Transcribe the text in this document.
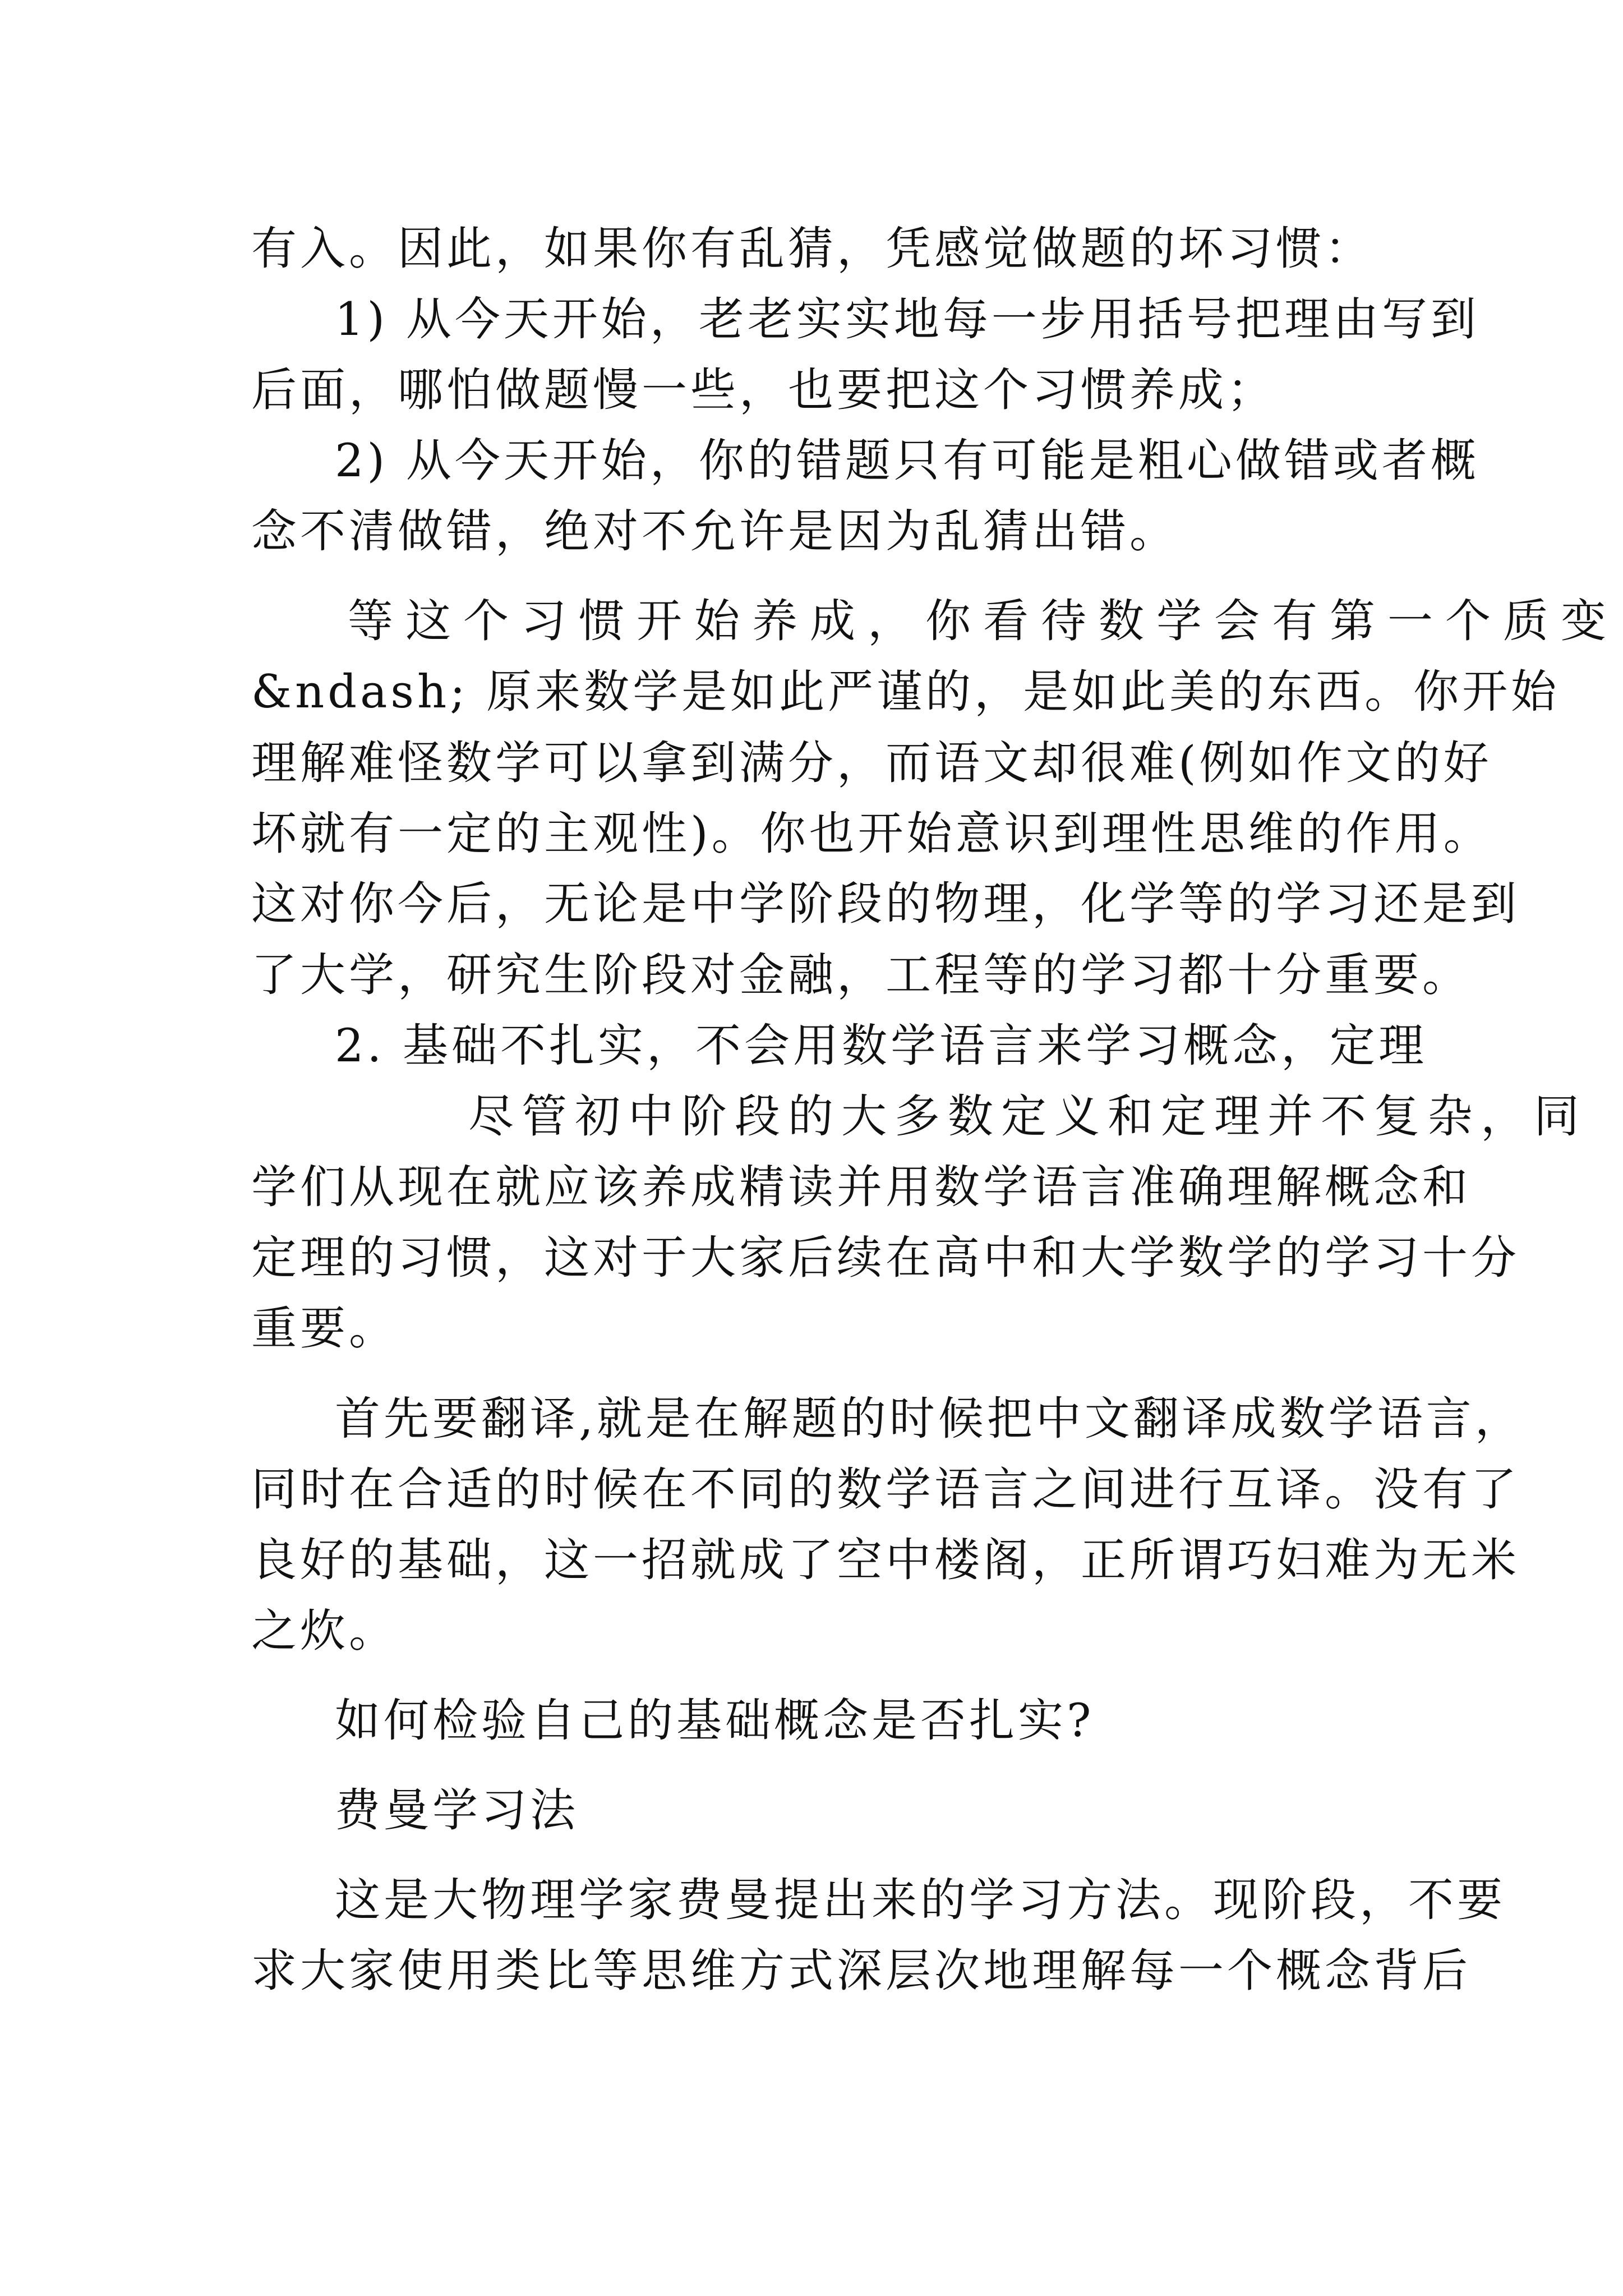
有入。因此，如果你有乱猜，凭感觉做题的坏习惯：
1) 从今天开始，老老实实地每一步用括号把理由写到
后面，哪怕做题慢一些，也要把这个习惯养成；
2) 从今天开始，你的错题只有可能是粗心做错或者概
念不清做错，绝对不允许是因为乱猜出错。
等这个习惯开始养成，你看待数学会有第一个质变
&ndash; 原来数学是如此严谨的，是如此美的东西。你开始
理解难怪数学可以拿到满分，而语文却很难(例如作文的好
坏就有一定的主观性)。你也开始意识到理性思维的作用。
这对你今后，无论是中学阶段的物理，化学等的学习还是到
了大学，研究生阶段对金融，工程等的学习都十分重要。
2. 基础不扎实，不会用数学语言来学习概念，定理
尽管初中阶段的大多数定义和定理并不复杂，同
学们从现在就应该养成精读并用数学语言准确理解概念和
定理的习惯，这对于大家后续在高中和大学数学的学习十分
重要。
首先要翻译,就是在解题的时候把中文翻译成数学语言，
同时在合适的时候在不同的数学语言之间进行互译。没有了
良好的基础，这一招就成了空中楼阁，正所谓巧妇难为无米
之炊。
如何检验自己的基础概念是否扎实?
费曼学习法
这是大物理学家费曼提出来的学习方法。现阶段，不要
求大家使用类比等思维方式深层次地理解每一个概念背后
